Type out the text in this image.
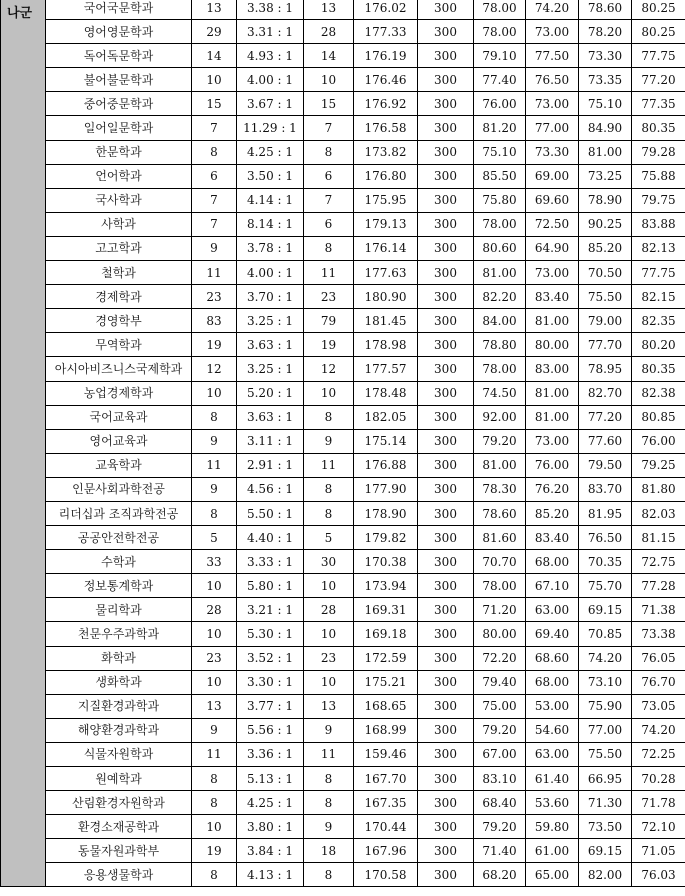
나군	국어국문학과	13	3.38 : 1	13	176.02	300	78.00	74.20	78.60	80.25
	영어영문학과	29	3.31 : 1	28	177.33	300	78.00	73.00	78.20	80.25
	독어독문학과	14	4.93 : 1	14	176.19	300	79.10	77.50	73.30	77.75
	불어불문학과	10	4.00 : 1	10	176.46	300	77.40	76.50	73.35	77.20
	중어중문학과	15	3.67 : 1	15	176.92	300	76.00	73.00	75.10	77.35
	일어일문학과	7	11.29 : 1	7	176.58	300	81.20	77.00	84.90	80.35
	한문학과	8	4.25 : 1	8	173.82	300	75.10	73.30	81.00	79.28
	언어학과	6	3.50 : 1	6	176.80	300	85.50	69.00	73.25	75.88
	국사학과	7	4.14 : 1	7	175.95	300	75.80	69.60	78.90	79.75
	사학과	7	8.14 : 1	6	179.13	300	78.00	72.50	90.25	83.88
	고고학과	9	3.78 : 1	8	176.14	300	80.60	64.90	85.20	82.13
	철학과	11	4.00 : 1	11	177.63	300	81.00	73.00	70.50	77.75
	경제학과	23	3.70 : 1	23	180.90	300	82.20	83.40	75.50	82.15
	경영학부	83	3.25 : 1	79	181.45	300	84.00	81.00	79.00	82.35
	무역학과	19	3.63 : 1	19	178.98	300	78.80	80.00	77.70	80.20
	아시아비즈니스국제학과	12	3.25 : 1	12	177.57	300	78.00	83.00	78.95	80.35
	농업경제학과	10	5.20 : 1	10	178.48	300	74.50	81.00	82.70	82.38
	국어교육과	8	3.63 : 1	8	182.05	300	92.00	81.00	77.20	80.85
	영어교육과	9	3.11 : 1	9	175.14	300	79.20	73.00	77.60	76.00
	교육학과	11	2.91 : 1	11	176.88	300	81.00	76.00	79.50	79.25
	인문사회과학전공	9	4.56 : 1	8	177.90	300	78.30	76.20	83.70	81.80
	리더십과 조직과학전공	8	5.50 : 1	8	178.90	300	78.60	85.20	81.95	82.03
	공공안전학전공	5	4.40 : 1	5	179.82	300	81.60	83.40	76.50	81.15
	수학과	33	3.33 : 1	30	170.38	300	70.70	68.00	70.35	72.75
	정보통계학과	10	5.80 : 1	10	173.94	300	78.00	67.10	75.70	77.28
	물리학과	28	3.21 : 1	28	169.31	300	71.20	63.00	69.15	71.38
	천문우주과학과	10	5.30 : 1	10	169.18	300	80.00	69.40	70.85	73.38
	화학과	23	3.52 : 1	23	172.59	300	72.20	68.60	74.20	76.05
	생화학과	10	3.30 : 1	10	175.21	300	79.40	68.00	73.10	76.70
	지질환경과학과	13	3.77 : 1	13	168.65	300	75.00	53.00	75.90	73.05
	해양환경과학과	9	5.56 : 1	9	168.99	300	79.20	54.60	77.00	74.20
	식물자원학과	11	3.36 : 1	11	159.46	300	67.00	63.00	75.50	72.25
	원예학과	8	5.13 : 1	8	167.70	300	83.10	61.40	66.95	70.28
	산림환경자원학과	8	4.25 : 1	8	167.35	300	68.40	53.60	71.30	71.78
	환경소재공학과	10	3.80 : 1	9	170.44	300	79.20	59.80	73.50	72.10
	동물자원과학부	19	3.84 : 1	18	167.96	300	71.40	61.00	69.15	71.05
	응용생물학과	8	4.13 : 1	8	170.58	300	68.20	65.00	82.00	76.03
